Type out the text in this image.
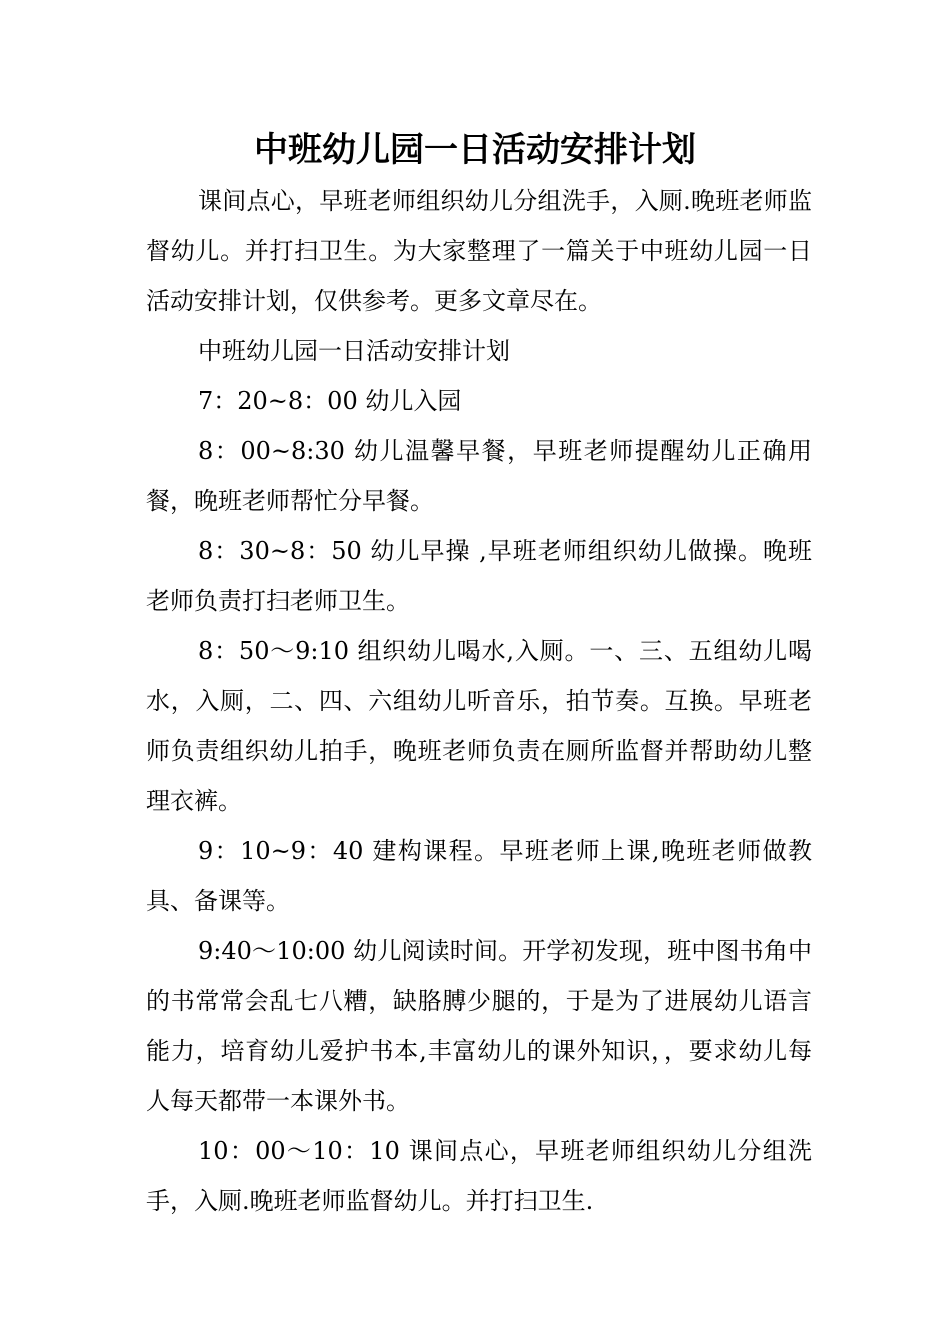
中班幼儿园一日活动安排计划

课间点心，早班老师组织幼儿分组洗手，入厕.晚班老师监督幼儿。并打扫卫生。为大家整理了一篇关于中班幼儿园一日活动安排计划，仅供参考。更多文章尽在。

中班幼儿园一日活动安排计划

7：20~8：00 幼儿入园

8：00~8:30 幼儿温馨早餐，早班老师提醒幼儿正确用餐，晚班老师帮忙分早餐。

8：30~8：50 幼儿早操 ,早班老师组织幼儿做操。晚班老师负责打扫老师卫生。

8：50～9:10 组织幼儿喝水,入厕。一、三、五组幼儿喝水，入厕，二、四、六组幼儿听音乐，拍节奏。互换。早班老师负责组织幼儿拍手，晚班老师负责在厕所监督并帮助幼儿整理衣裤。

9：10~9：40 建构课程。早班老师上课,晚班老师做教具、备课等。

9:40～10:00 幼儿阅读时间。开学初发现，班中图书角中的书常常会乱七八糟，缺胳膊少腿的，于是为了进展幼儿语言能力，培育幼儿爱护书本,丰富幼儿的课外知识，，要求幼儿每人每天都带一本课外书。

10：00～10：10 课间点心，早班老师组织幼儿分组洗手，入厕.晚班老师监督幼儿。并打扫卫生.
